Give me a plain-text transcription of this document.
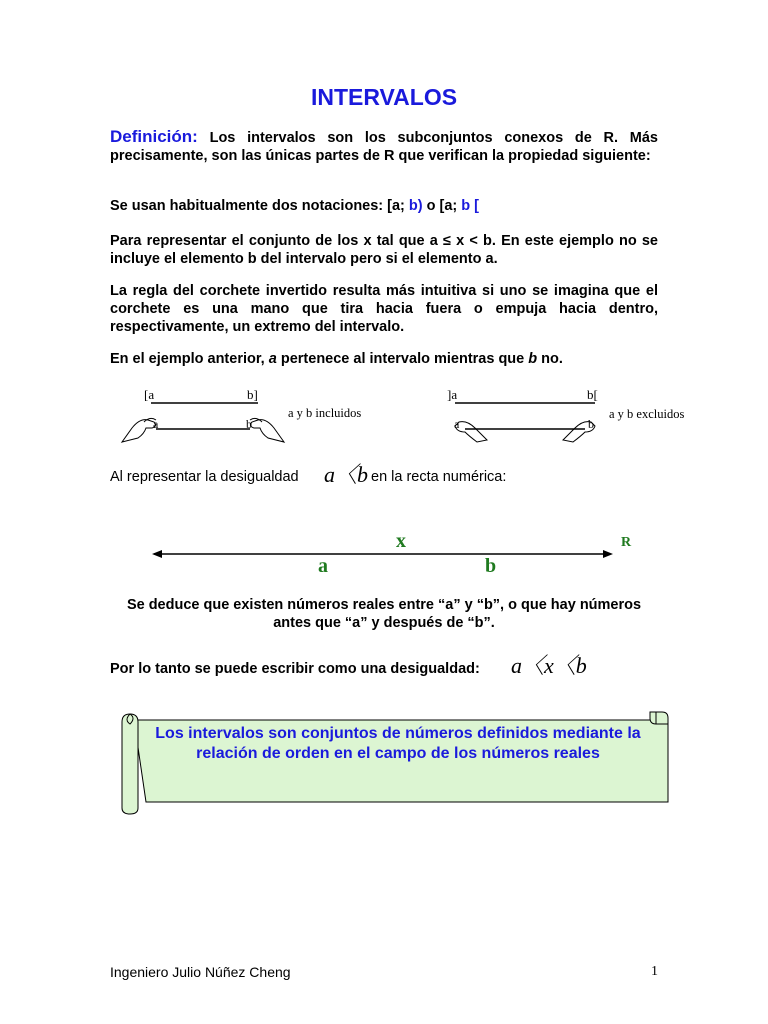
INTERVALOS
Definición: Los intervalos son los subconjuntos conexos de R. Más precisamente, son las únicas partes de R que verifican la propiedad siguiente:
Se usan habitualmente dos notaciones: [a; b) o [a; b [
Para representar el conjunto de los x tal que a ≤ x < b. En este ejemplo no se incluye el elemento b del intervalo pero si el elemento a.
La regla del corchete invertido resulta más intuitiva si uno se imagina que el corchete es una mano que tira hacia fuera o empuja hacia dentro, respectivamente, un extremo del intervalo.
En el ejemplo anterior, a pertenece al intervalo mientras que b no.
[a	b]
a	b
a y b incluidos
]a	b[
a	b
a y b excluidos
Al representar la desigualdad a〈b en la recta numérica:
x	R
a	b
Se deduce que existen números reales entre “a” y “b”, o que hay números antes que “a” y después de “b”.
Por lo tanto se puede escribir como una desigualdad: a〈x〈b
Los intervalos son conjuntos de números definidos mediante la relación de orden en el campo de los números reales
Ingeniero Julio Núñez Cheng	1
